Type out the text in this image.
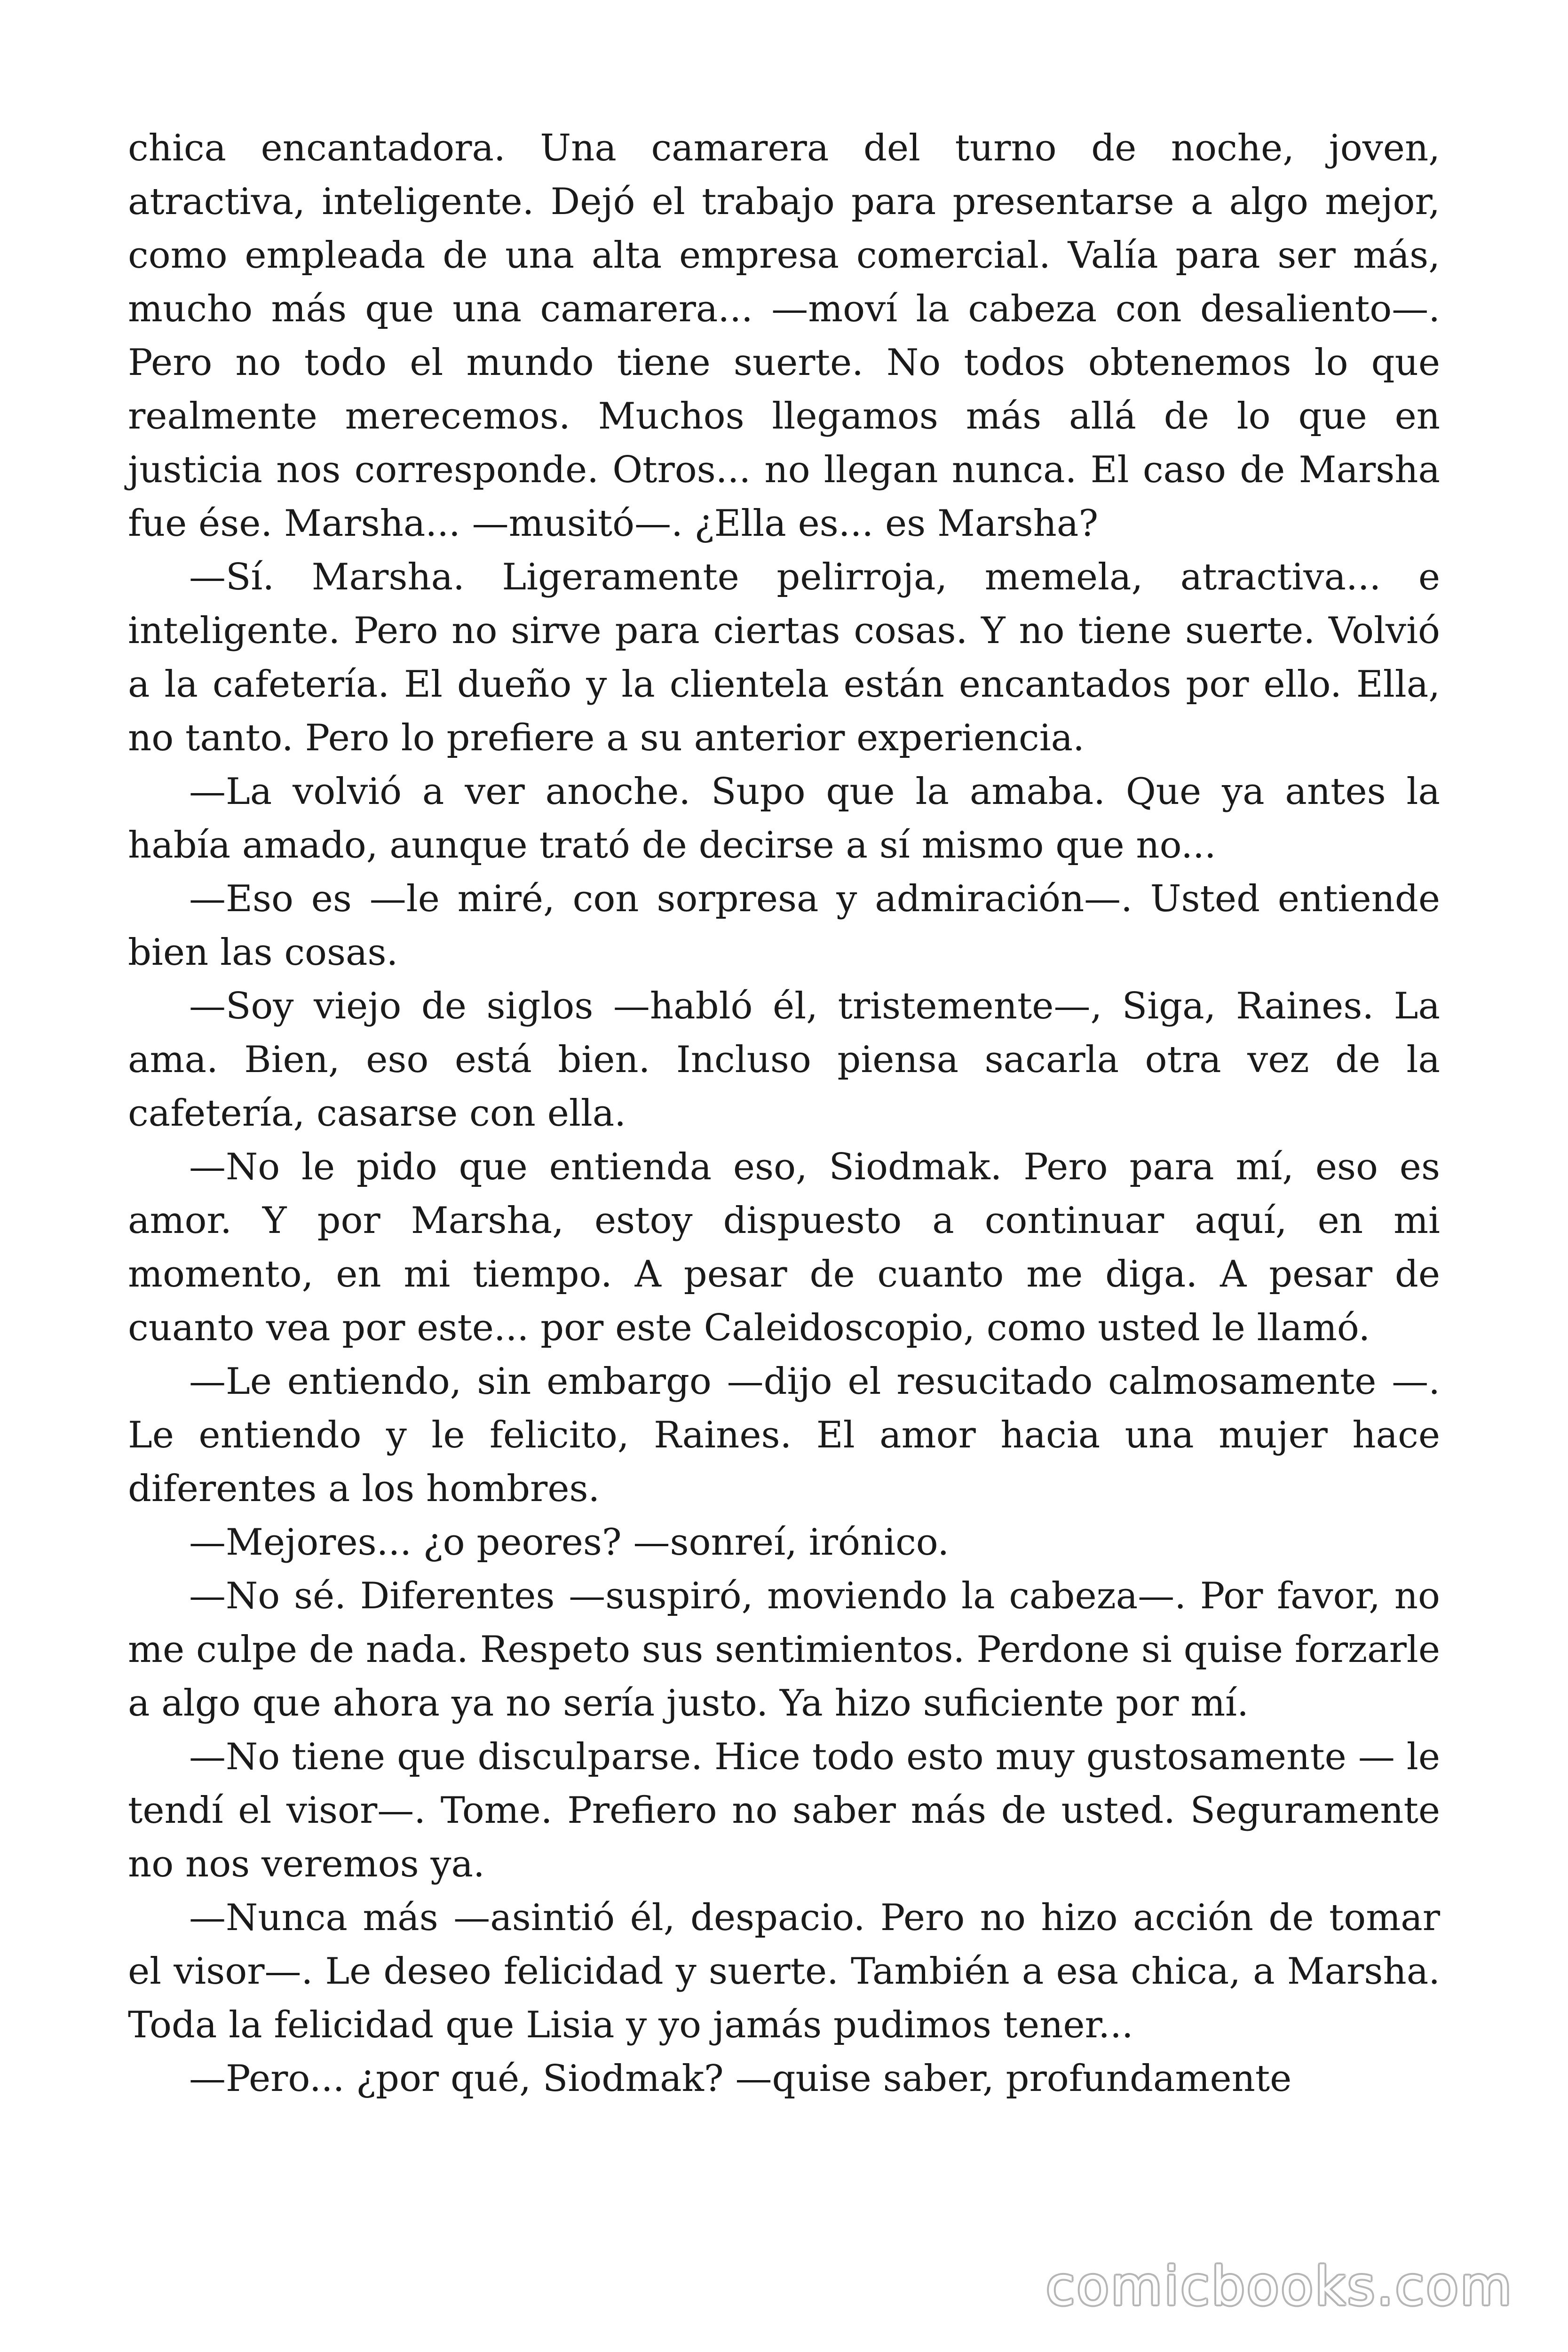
chica encantadora. Una camarera del turno de noche, joven, atractiva, inteligente. Dejó el trabajo para presentarse a algo mejor, como empleada de una alta empresa comercial. Valía para ser más, mucho más que una camarera... —moví la cabeza con desaliento—. Pero no todo el mundo tiene suerte. No todos obtenemos lo que realmente merecemos. Muchos llegamos más allá de lo que en justicia nos corresponde. Otros... no llegan nunca. El caso de Marsha fue ése. Marsha... —musitó—. ¿Ella es... es Marsha?

—Sí. Marsha. Ligeramente pelirroja, memela, atractiva... e inteligente. Pero no sirve para ciertas cosas. Y no tiene suerte. Volvió a la cafetería. El dueño y la clientela están encantados por ello. Ella, no tanto. Pero lo prefiere a su anterior experiencia.

—La volvió a ver anoche. Supo que la amaba. Que ya antes la había amado, aunque trató de decirse a sí mismo que no...

—Eso es —le miré, con sorpresa y admiración—. Usted entiende bien las cosas.

—Soy viejo de siglos —habló él, tristemente—, Siga, Raines. La ama. Bien, eso está bien. Incluso piensa sacarla otra vez de la cafetería, casarse con ella.

—No le pido que entienda eso, Siodmak. Pero para mí, eso es amor. Y por Marsha, estoy dispuesto a continuar aquí, en mi momento, en mi tiempo. A pesar de cuanto me diga. A pesar de cuanto vea por este... por este Caleidoscopio, como usted le llamó.

—Le entiendo, sin embargo —dijo el resucitado calmosamente —. Le entiendo y le felicito, Raines. El amor hacia una mujer hace diferentes a los hombres.

—Mejores... ¿o peores? —sonreí, irónico.

—No sé. Diferentes —suspiró, moviendo la cabeza—. Por favor, no me culpe de nada. Respeto sus sentimientos. Perdone si quise forzarle a algo que ahora ya no sería justo. Ya hizo suficiente por mí.

—No tiene que disculparse. Hice todo esto muy gustosamente — le tendí el visor—. Tome. Prefiero no saber más de usted. Seguramente no nos veremos ya.

—Nunca más —asintió él, despacio. Pero no hizo acción de tomar el visor—. Le deseo felicidad y suerte. También a esa chica, a Marsha. Toda la felicidad que Lisia y yo jamás pudimos tener...

—Pero... ¿por qué, Siodmak? —quise saber, profundamente

comicbooks.com
